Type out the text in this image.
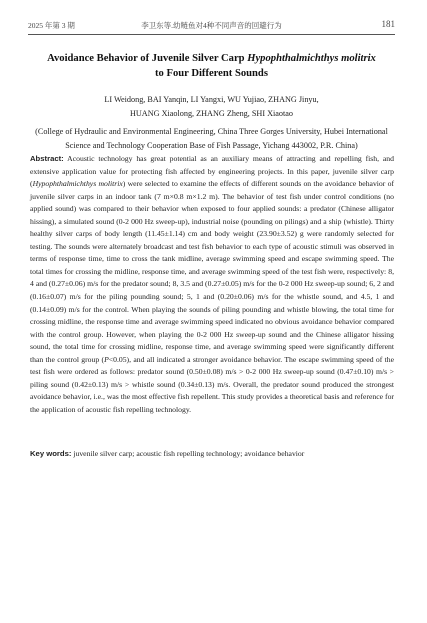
2025 年第 3 期	李卫东等.幼鲢鱼对4种不同声音的回避行为	181
Avoidance Behavior of Juvenile Silver Carp Hypophthalmichthys molitrix
to Four Different Sounds
LI Weidong, BAI Yanqin, LI Yangxi, WU Yujiao, ZHANG Jinyu,
HUANG Xiaolong, ZHANG Zheng, SHI Xiaotao
(College of Hydraulic and Environmental Engineering, China Three Gorges University, Hubei International
Science and Technology Cooperation Base of Fish Passage, Yichang 443002, P.R. China)
Abstract: Acoustic technology has great potential as an auxiliary means of attracting and repelling fish, and extensive application value for protecting fish affected by engineering projects. In this paper, juvenile silver carp (Hypophthalmichthys molitrix) were selected to examine the effects of different sounds on the avoidance behavior of juvenile silver carps in an indoor tank (7 m×0.8 m×1.2 m). The behavior of test fish under control conditions (no applied sound) was compared to their behavior when exposed to four applied sounds: a predator (Chinese alligator hissing), a simulated sound (0-2 000 Hz sweep-up), industrial noise (pounding on pilings) and a ship (whistle). Thirty healthy silver carps of body length (11.45±1.14) cm and body weight (23.90±3.52) g were randomly selected for testing. The sounds were alternately broadcast and test fish behavior to each type of acoustic stimuli was observed in terms of response time, time to cross the tank midline, average swimming speed and escape swimming speed. The total times for crossing the midline, response time, and average swimming speed of the test fish were, respectively: 8, 4 and (0.27±0.06) m/s for the predator sound; 8, 3.5 and (0.27±0.05) m/s for the 0-2 000 Hz sweep-up sound; 6, 2 and (0.16±0.07) m/s for the piling pounding sound; 5, 1 and (0.20±0.06) m/s for the whistle sound, and 4.5, 1 and (0.14±0.09) m/s for the control. When playing the sounds of piling pounding and whistle blowing, the total time for crossing midline, the response time and average swimming speed indicated no obvious avoidance behavior compared with the control group. However, when playing the 0-2 000 Hz sweep-up sound and the Chinese alligator hissing sound, the total time for crossing midline, response time, and average swimming speed were significantly different than the control group (P<0.05), and all indicated a stronger avoidance behavior. The escape swimming speed of the test fish were ordered as follows: predator sound (0.50±0.08) m/s > 0-2 000 Hz sweep-up sound (0.47±0.10) m/s > piling sound (0.42±0.13) m/s > whistle sound (0.34±0.13) m/s. Overall, the predator sound produced the strongest avoidance behavior, i.e., was the most effective fish repellent. This study provides a theoretical basis and reference for the application of acoustic fish repelling technology.
Key words: juvenile silver carp; acoustic fish repelling technology; avoidance behavior
